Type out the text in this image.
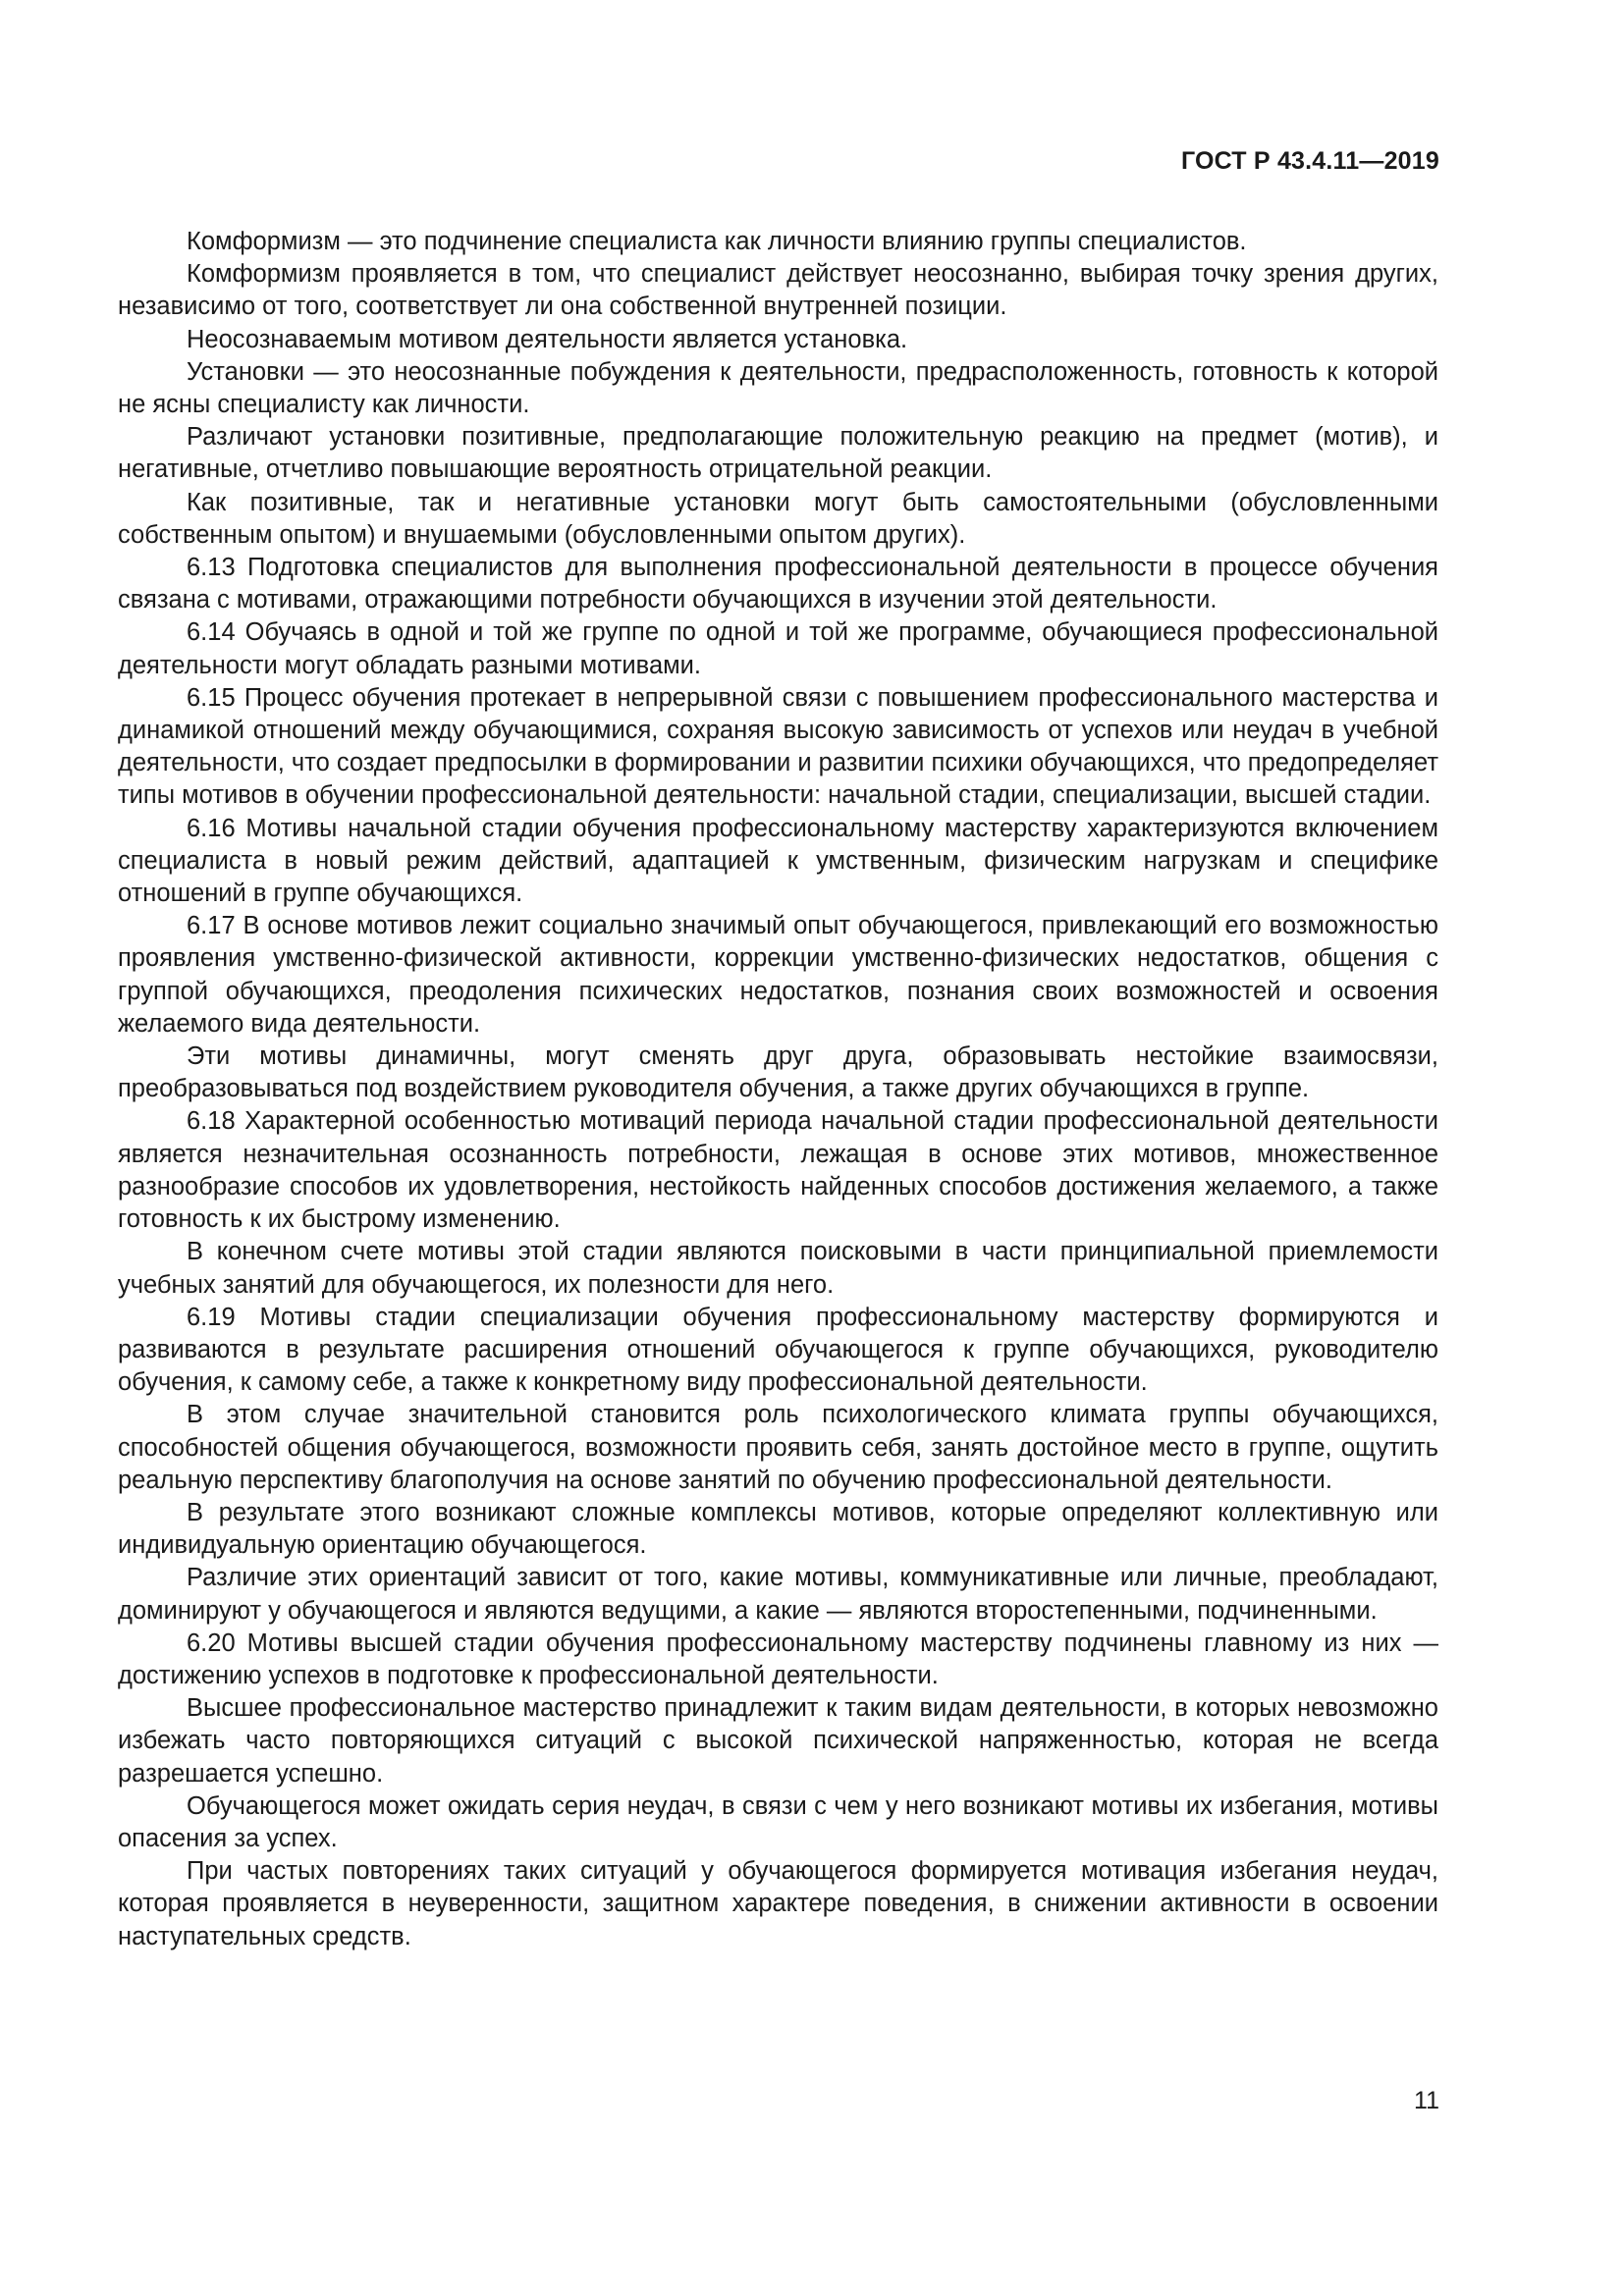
ГОСТ Р 43.4.11—2019

Комформизм — это подчинение специалиста как личности влиянию группы специалистов.

Комформизм проявляется в том, что специалист действует неосознанно, выбирая точку зрения других, независимо от того, соответствует ли она собственной внутренней позиции.

Неосознаваемым мотивом деятельности является установка.

Установки — это неосознанные побуждения к деятельности, предрасположенность, готовность к которой не ясны специалисту как личности.

Различают установки позитивные, предполагающие положительную реакцию на предмет (мотив), и негативные, отчетливо повышающие вероятность отрицательной реакции.

Как позитивные, так и негативные установки могут быть самостоятельными (обусловленными собственным опытом) и внушаемыми (обусловленными опытом других).

6.13 Подготовка специалистов для выполнения профессиональной деятельности в процессе обучения связана с мотивами, отражающими потребности обучающихся в изучении этой деятельности.

6.14 Обучаясь в одной и той же группе по одной и той же программе, обучающиеся профессиональной деятельности могут обладать разными мотивами.

6.15 Процесс обучения протекает в непрерывной связи с повышением профессионального мастерства и динамикой отношений между обучающимися, сохраняя высокую зависимость от успехов или неудач в учебной деятельности, что создает предпосылки в формировании и развитии психики обучающихся, что предопределяет типы мотивов в обучении профессиональной деятельности: начальной стадии, специализации, высшей стадии.

6.16 Мотивы начальной стадии обучения профессиональному мастерству характеризуются включением специалиста в новый режим действий, адаптацией к умственным, физическим нагрузкам и специфике отношений в группе обучающихся.

6.17 В основе мотивов лежит социально значимый опыт обучающегося, привлекающий его возможностью проявления умственно-физической активности, коррекции умственно-физических недостатков, общения с группой обучающихся, преодоления психических недостатков, познания своих возможностей и освоения желаемого вида деятельности.

Эти мотивы динамичны, могут сменять друг друга, образовывать нестойкие взаимосвязи, преобразовываться под воздействием руководителя обучения, а также других обучающихся в группе.

6.18 Характерной особенностью мотиваций периода начальной стадии профессиональной деятельности является незначительная осознанность потребности, лежащая в основе этих мотивов, множественное разнообразие способов их удовлетворения, нестойкость найденных способов достижения желаемого, а также готовность к их быстрому изменению.

В конечном счете мотивы этой стадии являются поисковыми в части принципиальной приемлемости учебных занятий для обучающегося, их полезности для него.

6.19 Мотивы стадии специализации обучения профессиональному мастерству формируются и развиваются в результате расширения отношений обучающегося к группе обучающихся, руководителю обучения, к самому себе, а также к конкретному виду профессиональной деятельности.

В этом случае значительной становится роль психологического климата группы обучающихся, способностей общения обучающегося, возможности проявить себя, занять достойное место в группе, ощутить реальную перспективу благополучия на основе занятий по обучению профессиональной деятельности.

В результате этого возникают сложные комплексы мотивов, которые определяют коллективную или индивидуальную ориентацию обучающегося.

Различие этих ориентаций зависит от того, какие мотивы, коммуникативные или личные, преобладают, доминируют у обучающегося и являются ведущими, а какие — являются второстепенными, подчиненными.

6.20 Мотивы высшей стадии обучения профессиональному мастерству подчинены главному из них — достижению успехов в подготовке к профессиональной деятельности.

Высшее профессиональное мастерство принадлежит к таким видам деятельности, в которых невозможно избежать часто повторяющихся ситуаций с высокой психической напряженностью, которая не всегда разрешается успешно.

Обучающегося может ожидать серия неудач, в связи с чем у него возникают мотивы их избегания, мотивы опасения за успех.

При частых повторениях таких ситуаций у обучающегося формируется мотивация избегания неудач, которая проявляется в неуверенности, защитном характере поведения, в снижении активности в освоении наступательных средств.

11
